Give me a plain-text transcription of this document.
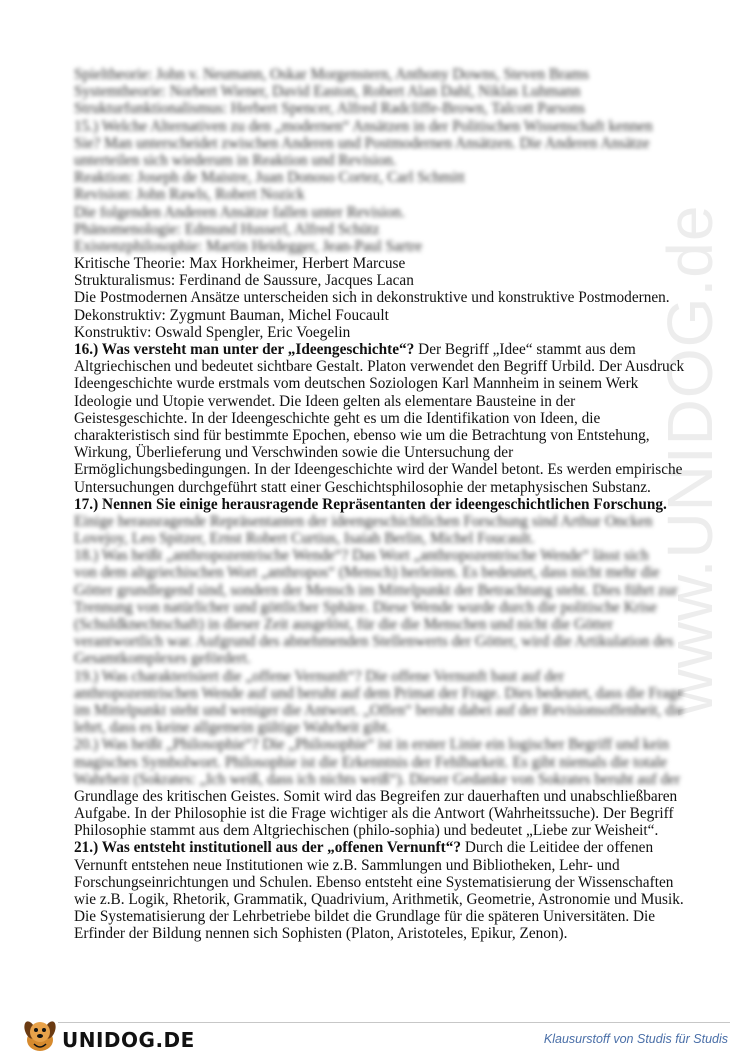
www.UNIDOG.de
Spieltheorie: John v. Neumann, Oskar Morgenstern, Anthony Downs, Steven Brams
Systemtheorie: Norbert Wiener, David Easton, Robert Alan Dahl, Niklas Luhmann
Strukturfunktionalismus: Herbert Spencer, Alfred Radcliffe-Brown, Talcott Parsons
15.) Welche Alternativen zu den „modernen“ Ansätzen in der Politischen Wissenschaft kennen
Sie? Man unterscheidet zwischen Anderen und Postmodernen Ansätzen. Die Anderen Ansätze
unterteilen sich wiederum in Reaktion und Revision.
Reaktion: Joseph de Maistre, Juan Donoso Cortez, Carl Schmitt
Revision: John Rawls, Robert Nozick
Die folgenden Anderen Ansätze fallen unter Revision.
Phänomenologie: Edmund Husserl, Alfred Schütz
Existenzphilosophie: Martin Heidegger, Jean-Paul Sartre
Kritische Theorie: Max Horkheimer, Herbert Marcuse
Strukturalismus: Ferdinand de Saussure, Jacques Lacan
Die Postmodernen Ansätze unterscheiden sich in dekonstruktive und konstruktive Postmodernen.
Dekonstruktiv: Zygmunt Bauman, Michel Foucault
Konstruktiv: Oswald Spengler, Eric Voegelin
16.) Was versteht man unter der „Ideengeschichte“? Der Begriff „Idee“ stammt aus dem
Altgriechischen und bedeutet sichtbare Gestalt. Platon verwendet den Begriff Urbild. Der Ausdruck
Ideengeschichte wurde erstmals vom deutschen Soziologen Karl Mannheim in seinem Werk
Ideologie und Utopie verwendet. Die Ideen gelten als elementare Bausteine in der
Geistesgeschichte. In der Ideengeschichte geht es um die Identifikation von Ideen, die
charakteristisch sind für bestimmte Epochen, ebenso wie um die Betrachtung von Entstehung,
Wirkung, Überlieferung und Verschwinden sowie die Untersuchung der
Ermöglichungsbedingungen. In der Ideengeschichte wird der Wandel betont. Es werden empirische
Untersuchungen durchgeführt statt einer Geschichtsphilosophie der metaphysischen Substanz.
17.) Nennen Sie einige herausragende Repräsentanten der ideengeschichtlichen Forschung.
Einige herausragende Repräsentanten der ideengeschichtlichen Forschung sind Arthur Oncken
Lovejoy, Leo Spitzer, Ernst Robert Curtius, Isaiah Berlin, Michel Foucault.
18.) Was heißt „anthropozentrische Wende“? Das Wort „anthropozentrische Wende“ lässt sich
von dem altgriechischen Wort „anthropos“ (Mensch) herleiten. Es bedeutet, dass nicht mehr die
Götter grundlegend sind, sondern der Mensch im Mittelpunkt der Betrachtung steht. Dies führt zur
Trennung von natürlicher und göttlicher Sphäre. Diese Wende wurde durch die politische Krise
(Schuldknechtschaft) in dieser Zeit ausgelöst, für die die Menschen und nicht die Götter
verantwortlich war. Aufgrund des abnehmenden Stellenwerts der Götter, wird die Artikulation des
Gesamtkomplexes gefördert.
19.) Was charakterisiert die „offene Vernunft“? Die offene Vernunft baut auf der
anthropozentrischen Wende auf und beruht auf dem Primat der Frage. Dies bedeutet, dass die Frage
im Mittelpunkt steht und weniger die Antwort. „Offen“ beruht dabei auf der Revisionsoffenheit, die
lehrt, dass es keine allgemein gültige Wahrheit gibt.
20.) Was heißt „Philosophie“? Die „Philosophie“ ist in erster Linie ein logischer Begriff und kein
magisches Symbolwort. Philosophie ist die Erkenntnis der Fehlbarkeit. Es gibt niemals die totale
Wahrheit (Sokrates: „Ich weiß, dass ich nichts weiß“). Dieser Gedanke von Sokrates beruht auf der
Grundlage des kritischen Geistes. Somit wird das Begreifen zur dauerhaften und unabschließbaren
Aufgabe. In der Philosophie ist die Frage wichtiger als die Antwort (Wahrheitssuche). Der Begriff
Philosophie stammt aus dem Altgriechischen (philo-sophia) und bedeutet „Liebe zur Weisheit“.
21.) Was entsteht institutionell aus der „offenen Vernunft“? Durch die Leitidee der offenen
Vernunft entstehen neue Institutionen wie z.B. Sammlungen und Bibliotheken, Lehr- und
Forschungseinrichtungen und Schulen. Ebenso entsteht eine Systematisierung der Wissenschaften
wie z.B. Logik, Rhetorik, Grammatik, Quadrivium, Arithmetik, Geometrie, Astronomie und Musik.
Die Systematisierung der Lehrbetriebe bildet die Grundlage für die späteren Universitäten. Die
Erfinder der Bildung nennen sich Sophisten (Platon, Aristoteles, Epikur, Zenon).
UNIDOG.DE	Klausurstoff von Studis für Studis
